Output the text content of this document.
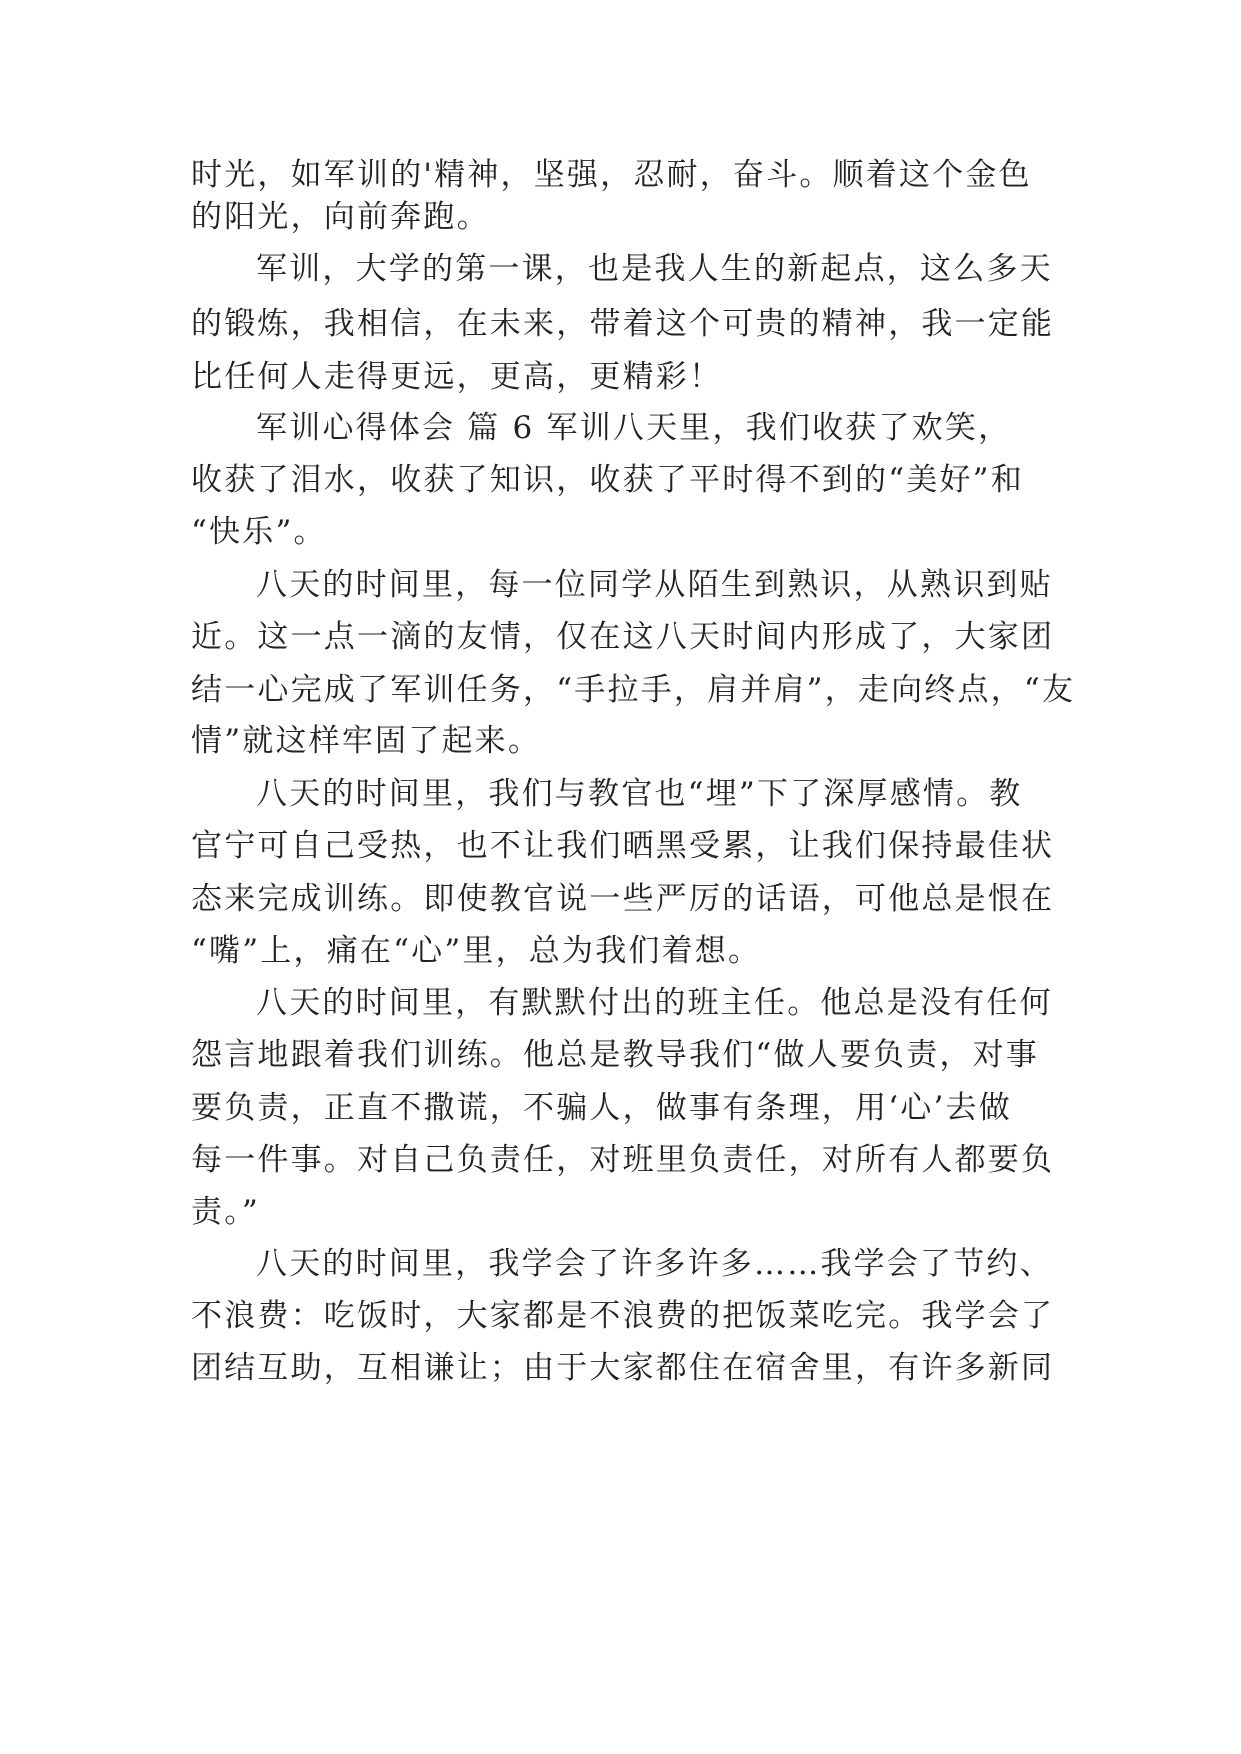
时光，如军训的'精神，坚强，忍耐，奋斗。顺着这个金色
的阳光，向前奔跑。
军训，大学的第一课，也是我人生的新起点，这么多天
的锻炼，我相信，在未来，带着这个可贵的精神，我一定能
比任何人走得更远，更高，更精彩！
军训心得体会 篇 6 军训八天里，我们收获了欢笑，
收获了泪水，收获了知识，收获了平时得不到的“美好”和
“快乐”。
八天的时间里，每一位同学从陌生到熟识，从熟识到贴
近。这一点一滴的友情，仅在这八天时间内形成了，大家团
结一心完成了军训任务，“手拉手，肩并肩”，走向终点，“友
情”就这样牢固了起来。
八天的时间里，我们与教官也“埋”下了深厚感情。教
官宁可自己受热，也不让我们晒黑受累，让我们保持最佳状
态来完成训练。即使教官说一些严厉的话语，可他总是恨在
“嘴”上，痛在“心”里，总为我们着想。
八天的时间里，有默默付出的班主任。他总是没有任何
怨言地跟着我们训练。他总是教导我们“做人要负责，对事
要负责，正直不撒谎，不骗人，做事有条理，用‘心’去做
每一件事。对自己负责任，对班里负责任，对所有人都要负
责。”
八天的时间里，我学会了许多许多……我学会了节约、
不浪费：吃饭时，大家都是不浪费的把饭菜吃完。我学会了
团结互助，互相谦让；由于大家都住在宿舍里，有许多新同
